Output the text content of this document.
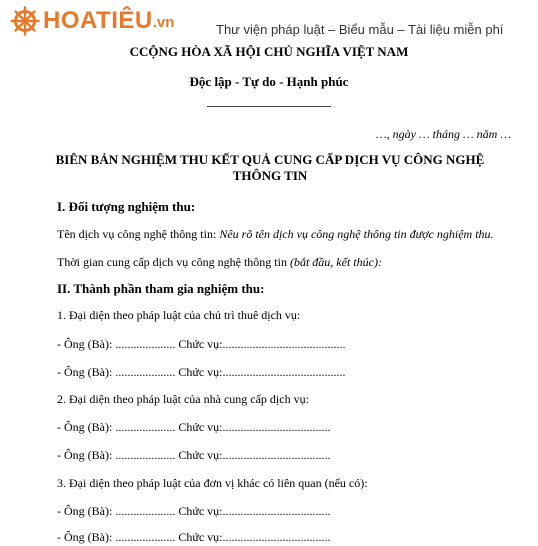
HOATIÊU .vn	Thư viện pháp luật – Biểu mẫu – Tài liệu miễn phí
CCỘNG HÒA XÃ HỘI CHỦ NGHĨA VIỆT NAM
Độc lập - Tự do - Hạnh phúc
…, ngày … tháng … năm …
BIÊN BẢN NGHIỆM THU KẾT QUẢ CUNG CẤP DỊCH VỤ CÔNG NGHỆ THÔNG TIN
I. Đối tượng nghiệm thu:
Tên dịch vụ công nghệ thông tin: Nêu rõ tên dịch vụ công nghệ thông tin được nghiệm thu.
Thời gian cung cấp dịch vụ công nghệ thông tin (bắt đầu, kết thúc):
II. Thành phần tham gia nghiệm thu:
1. Đại diện theo pháp luật của chủ trì thuê dịch vụ:
- Ông (Bà): .................... Chức vụ:.........................................
- Ông (Bà): .................... Chức vụ:.........................................
2. Đại diện theo pháp luật của nhà cung cấp dịch vụ:
- Ông (Bà): .................... Chức vụ:....................................
- Ông (Bà): .................... Chức vụ:....................................
3. Đại diện theo pháp luật của đơn vị khác có liên quan (nếu có):
- Ông (Bà): .................... Chức vụ:....................................
- Ông (Bà): .................... Chức vụ:....................................
